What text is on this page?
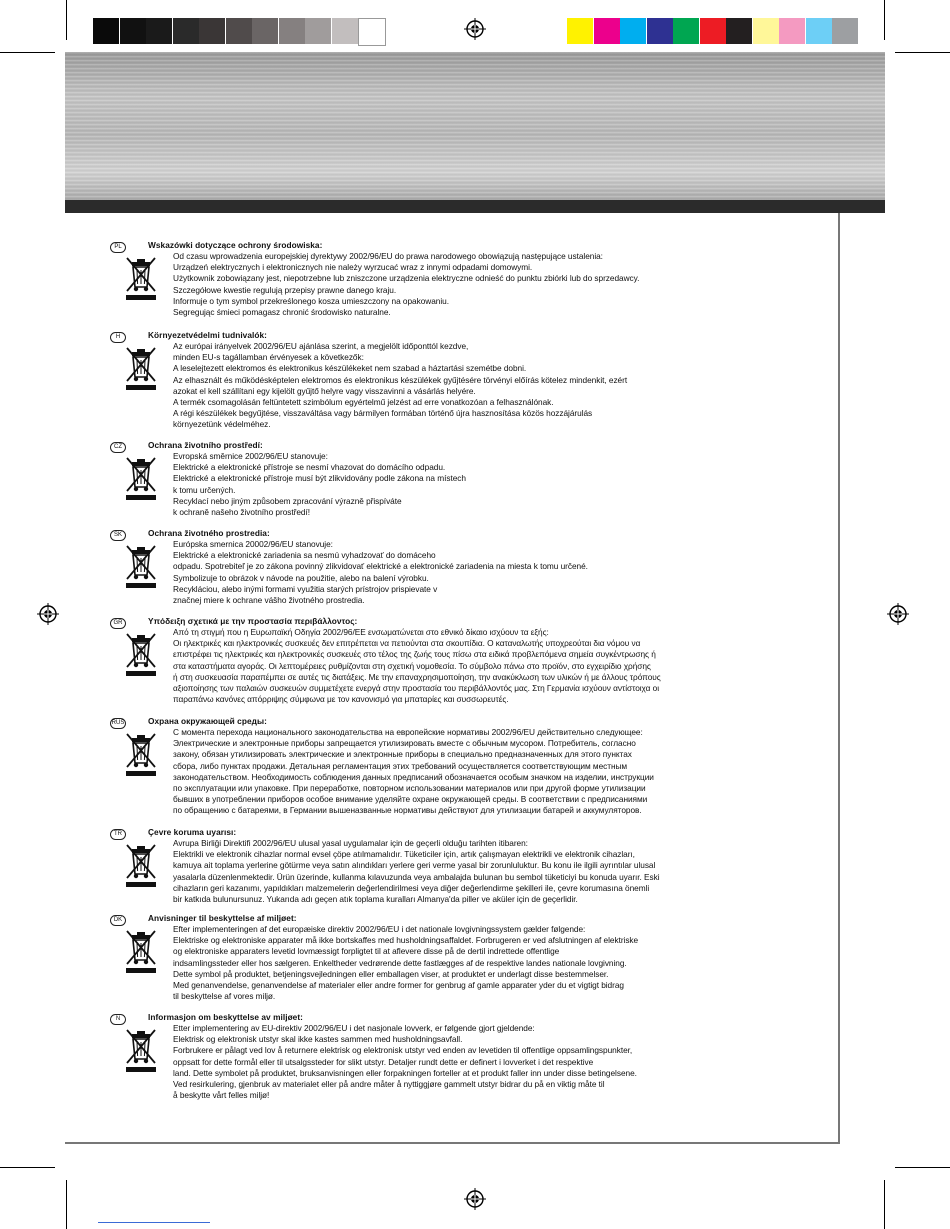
PL	Wskazówki dotyczące ochrony środowiska:
Od czasu wprowadzenia europejskiej dyrektywy 2002/96/EU do prawa narodowego obowiązują następujące ustalenia:
Urządzeń elektrycznych i elektronicznych nie należy wyrzucać wraz z innymi odpadami domowymi.
Użytkownik zobowiązany jest, niepotrzebne lub zniszczone urządzenia elektryczne odnieść do punktu zbiórki lub do sprzedawcy.
Szczegółowe kwestie regulują przepisy prawne danego kraju.
Informuje o tym symbol przekreślonego kosza umieszczony na opakowaniu.
Segregując śmieci pomagasz chronić środowisko naturalne.
H	Környezetvédelmi tudnivalók:
Az európai irányelvek 2002/96/EU ajánlása szerint, a megjelölt időponttól kezdve,
minden EU-s tagállamban érvényesek a következők:
A leselejtezett elektromos és elektronikus készülékeket nem szabad a háztartási szemétbe dobni.
Az elhasznált és működésképtelen elektromos és elektronikus készülékek gyűjtésére törvényi előírás kötelez mindenkit, ezért
azokat el kell szállítani egy kijelölt gyűjtő helyre vagy visszavinni a vásárlás helyére.
A termék csomagolásán feltüntetett szimbólum egyértelmű jelzést ad erre vonatkozóan a felhasználónak.
A régi készülékek begyűjtése, visszaváltása vagy bármilyen formában történő újra hasznosítása közös hozzájárulás
környezetünk védelméhez.
CZ	Ochrana životního prostředí:
Evropská směrnice 2002/96/EU stanovuje:
Elektrické a elektronické přístroje se nesmí vhazovat do domácího odpadu.
Elektrické a elektronické přístroje musí být zlikvidovány podle zákona na místech
k tomu určených.
Recyklací nebo jiným způsobem zpracování výrazně přispíváte
k ochraně našeho životního prostředí!
SK	Ochrana životného prostredia:
Európska smernica 20002/96/EU stanovuje:
Elektrické a elektronické zariadenia sa nesmú vyhadzovať do domáceho
odpadu. Spotrebiteľ je zo zákona povinný zlikvidovať elektrické a elektronické zariadenia na miesta k tomu určené.
Symbolizuje to obrázok v návode na použitie, alebo na balení výrobku.
Recykláciou, alebo inými formami využitia starých prístrojov prispievate v
značnej miere k ochrane vášho životného prostredia.
GR	Υπόδειξη σχετικά με την προστασία περιβάλλοντος:
Από τη στιγμή που η Ευρωπαϊκή Οδηγία 2002/96/ΕΕ ενσωματώνεται στο εθνικό δίκαιο ισχύουν τα εξής:
Οι ηλεκτρικές και ηλεκτρονικές συσκευές δεν επιτρέπεται να πετιούνται στα σκουπίδια. Ο καταναλωτής υποχρεούται δια νόμου να
επιστρέφει τις ηλεκτρικές και ηλεκτρονικές συσκευές στο τέλος της ζωής τους πίσω στα ειδικά προβλεπόμενα σημεία συγκέντρωσης ή
στα καταστήματα αγοράς. Οι λεπτομέρειες ρυθμίζονται στη σχετική νομοθεσία. Το σύμβολο πάνω στο προϊόν, στο εγχειρίδιο χρήσης
ή στη συσκευασία παραπέμπει σε αυτές τις διατάξεις. Με την επαναχρησιμοποίηση, την ανακύκλωση των υλικών ή με άλλους τρόπους
αξιοποίησης των παλαιών συσκευών συμμετέχετε ενεργά στην προστασία του περιβάλλοντός μας. Στη Γερμανία ισχύουν αντίστοιχα οι
παραπάνω κανόνες απόρριψης σύμφωνα με τον κανονισμό για μπαταρίες και συσσωρευτές.
RUS	Охрана окружающей среды:
С момента перехода национального законодательства на европейские нормативы 2002/96/EU действительно следующее:
Электрические и электронные приборы запрещается утилизировать вместе с обычным мусором. Потребитель, согласно
закону, обязан утилизировать электрические и электронные приборы в специально предназначенных для этого пунктах
сбора, либо пунктах продажи. Детальная регламентация этих требований осуществляется соответствующим местным
законодательством. Необходимость соблюдения данных предписаний обозначается особым значком на изделии, инструкции
по эксплуатации или упаковке. При переработке, повторном использовании материалов или при другой форме утилизации
бывших в употреблении приборов особое внимание уделяйте охране окружающей среды. В соответствии с предписаниями
по обращению с батареями, в Германии вышеназванные нормативы действуют для утилизации батарей и аккумуляторов.
TR	Çevre koruma uyarısı:
Avrupa Birliği Direktifi 2002/96/EU ulusal yasal uygulamalar için de geçerli olduğu tarihten itibaren:
Elektrikli ve elektronik cihazlar normal evsel çöpe atılmamalıdır. Tüketiciler için, artık çalışmayan elektrikli ve elektronik cihazları,
kamuya ait toplama yerlerine götürme veya satın alındıkları yerlere geri verme yasal bir zorunluluktur. Bu konu ile ilgili ayrıntılar ulusal
yasalarla düzenlenmektedir. Ürün üzerinde, kullanma kılavuzunda veya ambalajda bulunan bu sembol tüketiciyi bu konuda uyarır. Eski
cihazların geri kazanımı, yapıldıkları malzemelerin değerlendirilmesi veya diğer değerlendirme şekilleri ile, çevre korumasına önemli
bir katkıda bulunursunuz. Yukarıda adı geçen atık toplama kuralları Almanya'da piller ve aküler için de geçerlidir.
DK	Anvisninger til beskyttelse af miljøet:
Efter implementeringen af det europæiske direktiv 2002/96/EU i det nationale lovgivningssystem gælder følgende:
Elektriske og elektroniske apparater må ikke bortskaffes med husholdningsaffaldet. Forbrugeren er ved afslutningen af elektriske
og elektroniske apparaters levetid lovmæssigt forpligtet til at aflevere disse på de dertil indrettede offentlige
indsamlingssteder eller hos sælgeren. Enkeltheder vedrørende dette fastlægges af de respektive landes nationale lovgivning.
Dette symbol på produktet, betjeningsvejledningen eller emballagen viser, at produktet er underlagt disse bestemmelser.
Med genanvendelse, genanvendelse af materialer eller andre former for genbrug af gamle apparater yder du et vigtigt bidrag
til beskyttelse af vores miljø.
N	Informasjon om beskyttelse av miljøet:
Etter implementering av EU-direktiv 2002/96/EU i det nasjonale lovverk, er følgende gjort gjeldende:
Elektrisk og elektronisk utstyr skal ikke kastes sammen med husholdningsavfall.
Forbrukere er pålagt ved lov å returnere elektrisk og elektronisk utstyr ved enden av levetiden til offentlige oppsamlingspunkter,
oppsatt for dette formål eller til utsalgssteder for slikt utstyr. Detaljer rundt dette er definert i lovverket i det respektive
land. Dette symbolet på produktet, bruksanvisningen eller forpakningen forteller at et produkt faller inn under disse betingelsene.
Ved resirkulering, gjenbruk av materialet eller på andre måter å nyttiggjøre gammelt utstyr bidrar du på en viktig måte til
å beskytte vårt felles miljø!
